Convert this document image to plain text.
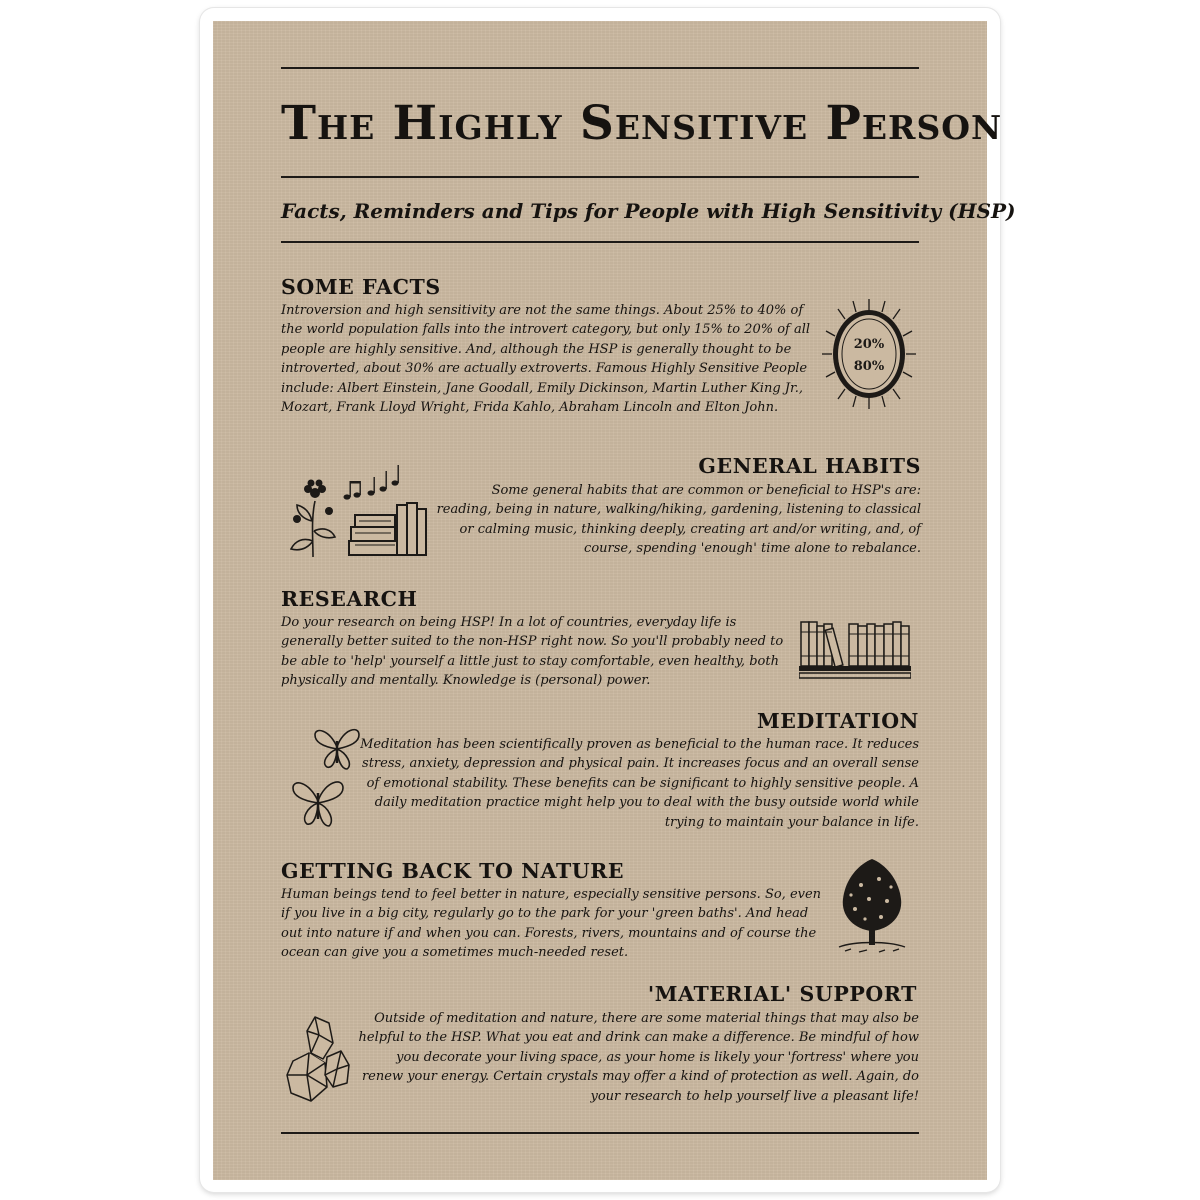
The Highly Sensitive Person
Facts, Reminders and Tips for People with High Sensitivity (HSP)
SOME FACTS
Introversion and high sensitivity are not the same things. About 25% to 40% of the world population falls into the introvert category, but only 15% to 20% of all people are highly sensitive. And, although the HSP is generally thought to be introverted, about 30% are actually extroverts. Famous Highly Sensitive People include: Albert Einstein, Jane Goodall, Emily Dickinson, Martin Luther King Jr., Mozart, Frank Lloyd Wright, Frida Kahlo, Abraham Lincoln and Elton John.
20%
80%
GENERAL HABITS
Some general habits that are common or beneficial to HSP's are: reading, being in nature, walking/hiking, gardening, listening to classical or calming music, thinking deeply, creating art and/or writing, and, of course, spending 'enough' time alone to rebalance.
RESEARCH
Do your research on being HSP! In a lot of countries, everyday life is generally better suited to the non-HSP right now. So you'll probably need to be able to 'help' yourself a little just to stay comfortable, even healthy, both physically and mentally. Knowledge is (personal) power.
MEDITATION
Meditation has been scientifically proven as beneficial to the human race. It reduces stress, anxiety, depression and physical pain. It increases focus and an overall sense of emotional stability. These benefits can be significant to highly sensitive people. A daily meditation practice might help you to deal with the busy outside world while trying to maintain your balance in life.
GETTING BACK TO NATURE
Human beings tend to feel better in nature, especially sensitive persons. So, even if you live in a big city, regularly go to the park for your 'green baths'. And head out into nature if and when you can. Forests, rivers, mountains and of course the ocean can give you a sometimes much-needed reset.
'MATERIAL' SUPPORT
Outside of meditation and nature, there are some material things that may also be helpful to the HSP. What you eat and drink can make a difference. Be mindful of how you decorate your living space, as your home is likely your 'fortress' where you renew your energy. Certain crystals may offer a kind of protection as well. Again, do your research to help yourself live a pleasant life!
